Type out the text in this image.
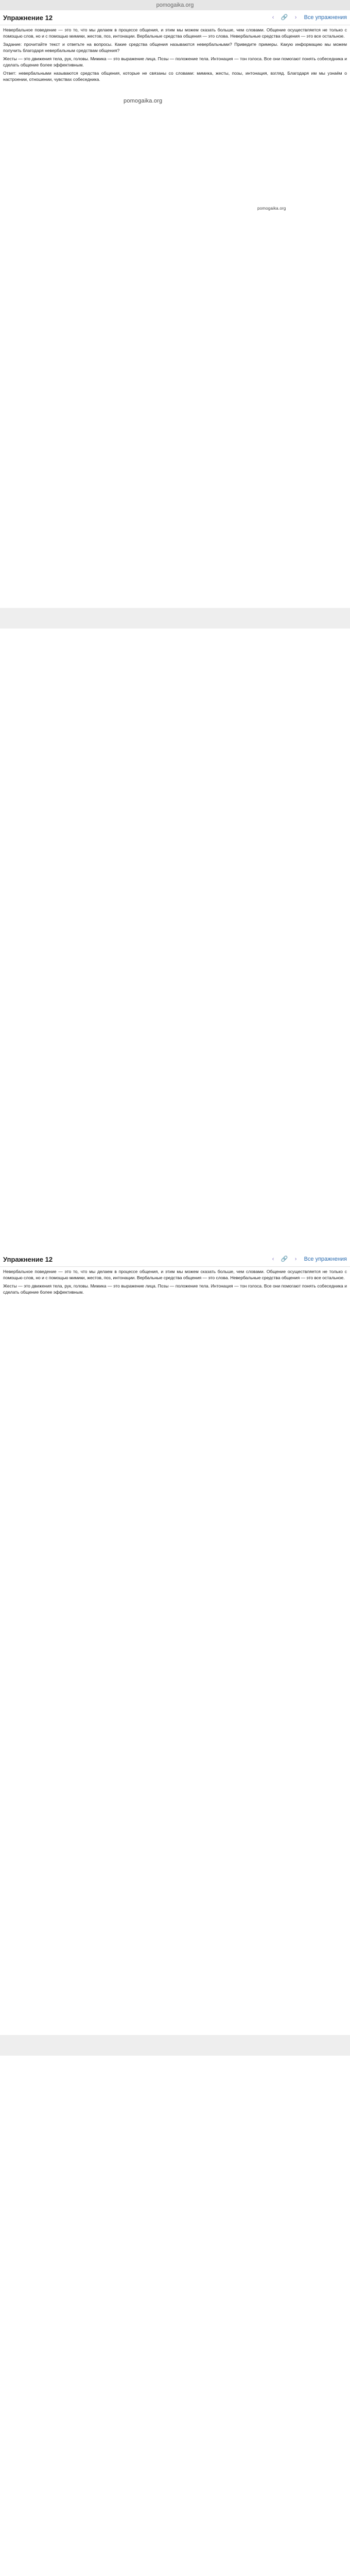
pomogaika.org
Упражнение 12	‹	🔗	›	Все упражнения

Невербальное поведение — это то, что мы делаем в процессе общения, и этим мы можем сказать больше, чем словами. Общение осуществляется не только с помощью слов, но и с помощью мимики, жестов, поз, интонации. Вербальные средства общения — это слова. Невербальные средства общения — это все остальное.

Задание: прочитайте текст и ответьте на вопросы. Какие средства общения называются невербальными? Приведите примеры. Какую информацию мы можем получить благодаря невербальным средствам общения?

Жесты — это движения тела, рук, головы. Мимика — это выражение лица. Позы — положение тела. Интонация — тон голоса. Все они помогают понять собеседника и сделать общение более эффективным.

Ответ: невербальными называются средства общения, которые не связаны со словами: мимика, жесты, позы, интонация, взгляд. Благодаря им мы узнаём о настроении, отношении, чувствах собеседника.

pomogaika.org
pomogaika.org
Упражнение 12	‹	🔗	›	Все упражнения

Невербальное поведение — это то, что мы делаем в процессе общения, и этим мы можем сказать больше, чем словами. Общение осуществляется не только с помощью слов, но и с помощью мимики, жестов, поз, интонации. Вербальные средства общения — это слова. Невербальные средства общения — это все остальное.

Жесты — это движения тела, рук, головы. Мимика — это выражение лица. Позы — положение тела. Интонация — тон голоса. Все они помогают понять собеседника и сделать общение более эффективным.
